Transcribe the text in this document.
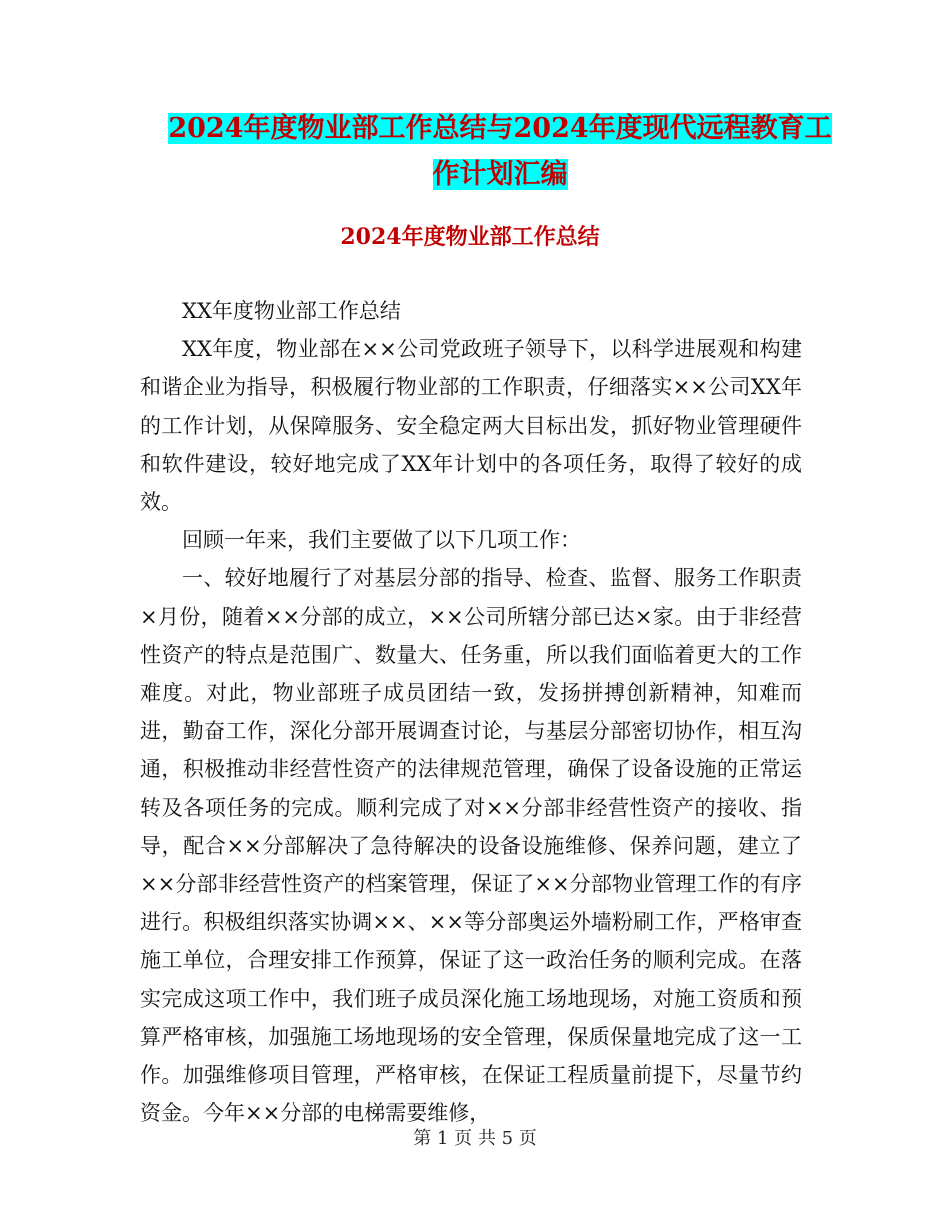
2024年度物业部工作总结与2024年度现代远程教育工
作计划汇编
2024年度物业部工作总结

XX年度物业部工作总结

XX年度，物业部在××公司党政班子领导下，以科学进展观和构建和谐企业为指导，积极履行物业部的工作职责，仔细落实××公司XX年的工作计划，从保障服务、安全稳定两大目标出发，抓好物业管理硬件和软件建设，较好地完成了XX年计划中的各项任务，取得了较好的成效。

回顾一年来，我们主要做了以下几项工作：

一、较好地履行了对基层分部的指导、检查、监督、服务工作职责×月份，随着××分部的成立，××公司所辖分部已达×家。由于非经营性资产的特点是范围广、数量大、任务重，所以我们面临着更大的工作难度。对此，物业部班子成员团结一致，发扬拼搏创新精神，知难而进，勤奋工作，深化分部开展调查讨论，与基层分部密切协作，相互沟通，积极推动非经营性资产的法律规范管理，确保了设备设施的正常运转及各项任务的完成。顺利完成了对××分部非经营性资产的接收、指导，配合××分部解决了急待解决的设备设施维修、保养问题，建立了××分部非经营性资产的档案管理，保证了××分部物业管理工作的有序进行。积极组织落实协调××、××等分部奥运外墙粉刷工作，严格审查施工单位，合理安排工作预算，保证了这一政治任务的顺利完成。在落实完成这项工作中，我们班子成员深化施工场地现场，对施工资质和预算严格审核，加强施工场地现场的安全管理，保质保量地完成了这一工作。加强维修项目管理，严格审核，在保证工程质量前提下，尽量节约资金。今年××分部的电梯需要维修，

第 1 页 共 5 页
